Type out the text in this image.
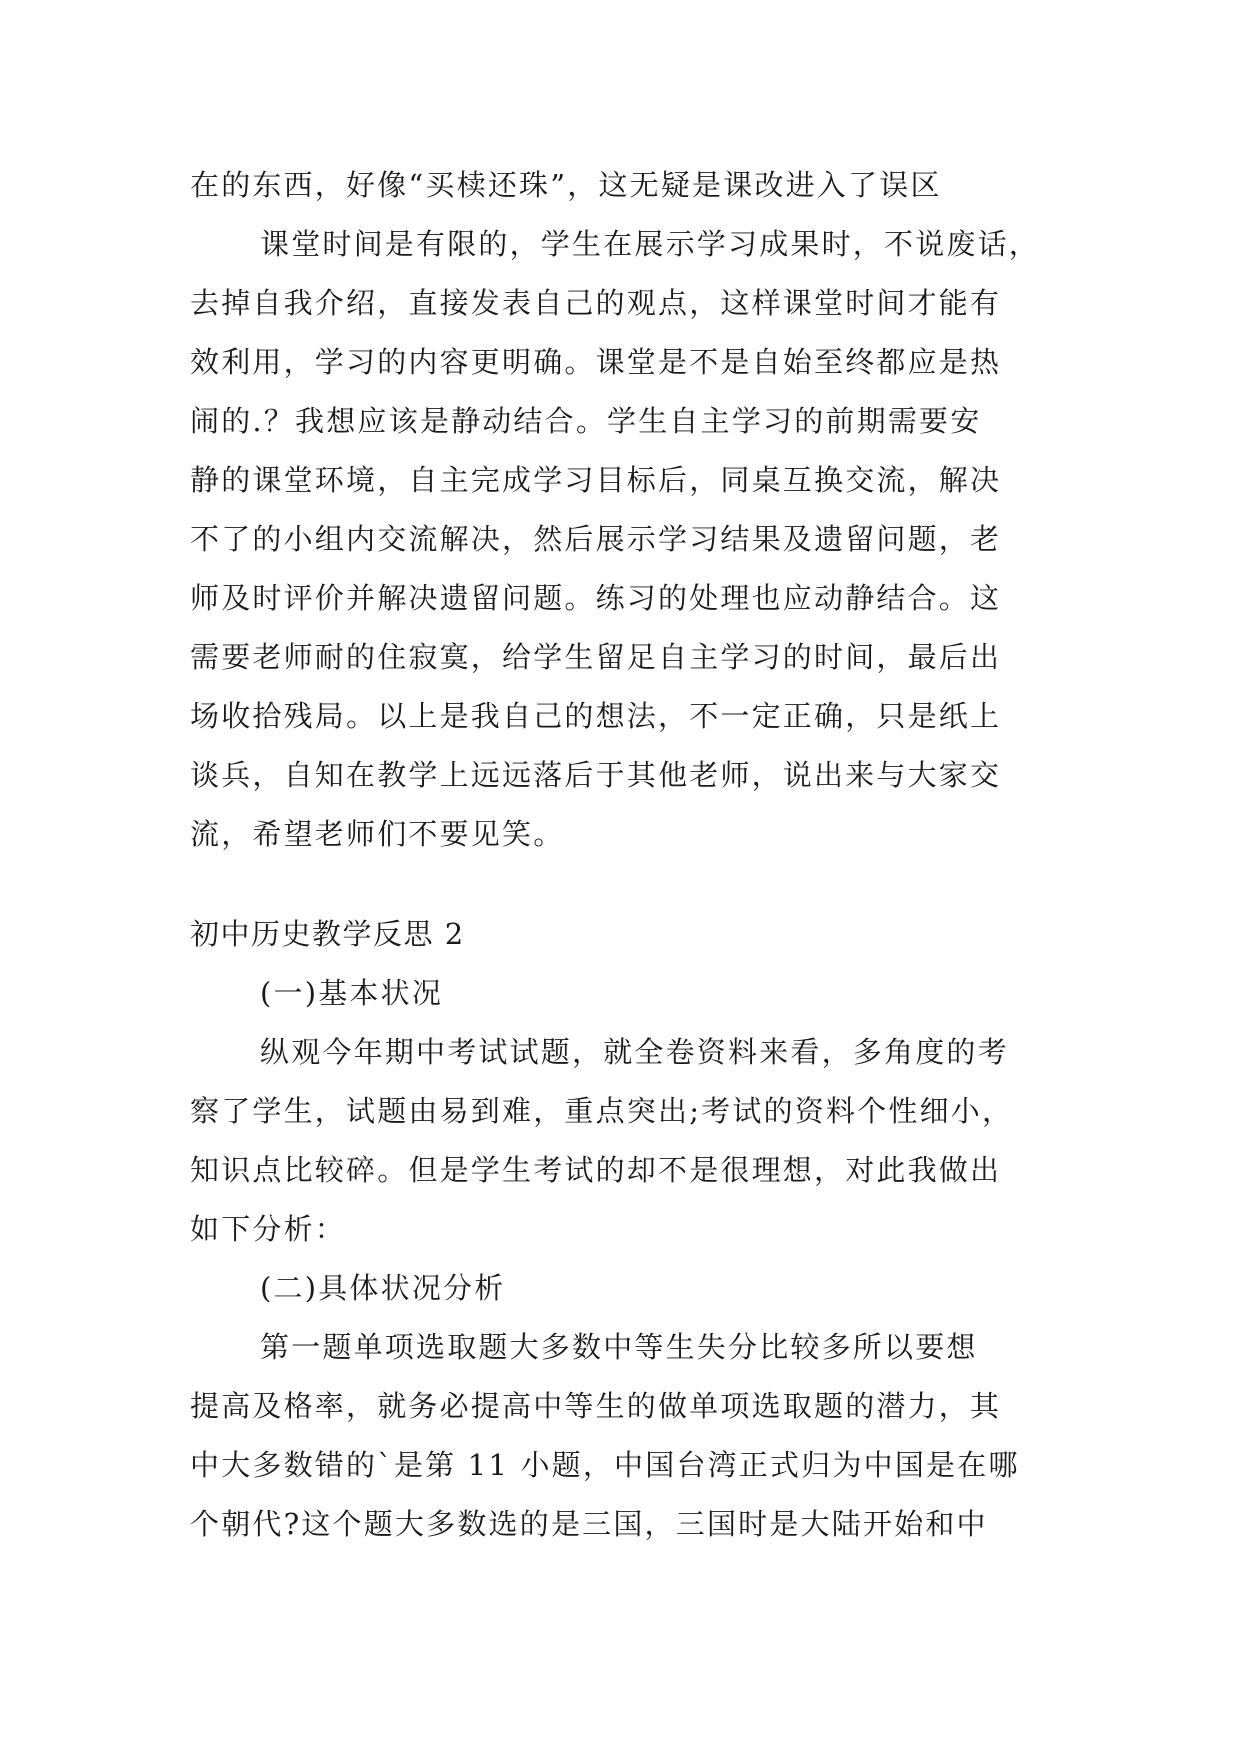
在的东西，好像“买椟还珠”，这无疑是课改进入了误区
课堂时间是有限的，学生在展示学习成果时，不说废话，
去掉自我介绍，直接发表自己的观点，这样课堂时间才能有
效利用，学习的内容更明确。课堂是不是自始至终都应是热
闹的.？我想应该是静动结合。学生自主学习的前期需要安
静的课堂环境，自主完成学习目标后，同桌互换交流，解决
不了的小组内交流解决，然后展示学习结果及遗留问题，老
师及时评价并解决遗留问题。练习的处理也应动静结合。这
需要老师耐的住寂寞，给学生留足自主学习的时间，最后出
场收拾残局。以上是我自己的想法，不一定正确，只是纸上
谈兵，自知在教学上远远落后于其他老师，说出来与大家交
流，希望老师们不要见笑。
初中历史教学反思 2
(一)基本状况
纵观今年期中考试试题，就全卷资料来看，多角度的考
察了学生，试题由易到难，重点突出;考试的资料个性细小，
知识点比较碎。但是学生考试的却不是很理想，对此我做出
如下分析：
(二)具体状况分析
第一题单项选取题大多数中等生失分比较多所以要想
提高及格率，就务必提高中等生的做单项选取题的潜力，其
中大多数错的`是第 11 小题，中国台湾正式归为中国是在哪
个朝代?这个题大多数选的是三国，三国时是大陆开始和中
